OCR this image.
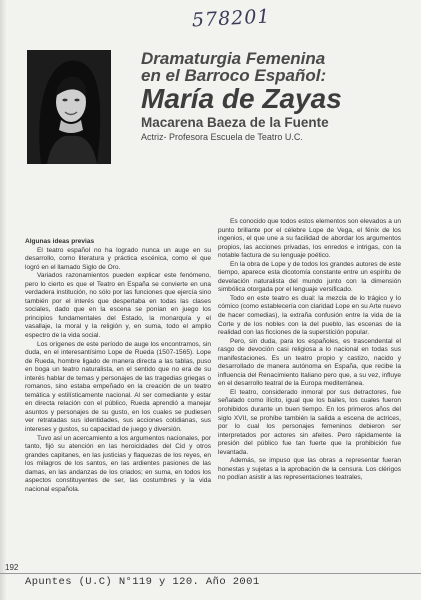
578201

Dramaturgia Femenina

en el Barroco Español:

María de Zayas

Macarena Baeza de la Fuente
Actriz- Profesora Escuela de Teatro U.C.

Algunas ideas previas

El teatro español no ha logrado nunca un auge en su desarrollo, como literatura y práctica escénica, como el que logró en el llamado Siglo de Oro.

Variados razonamientos pueden explicar este fenómeno, pero lo cierto es que el Teatro en España se convierte en una verdadera institución, no sólo por las funciones que ejercía sino también por el interés que despertaba en todas las clases sociales, dado que en la escena se ponían en juego los principios fundamentales del Estado, la monarquía y el vasallaje, la moral y la religión y, en suma, todo el amplio espectro de la vida social.

Los orígenes de este período de auge los encontramos, sin duda, en el interesantísimo Lope de Rueda (1507-1565). Lope de Rueda, hombre ligado de manera directa a las tablas, puso en boga un teatro naturalista, en el sentido que no era de su interés hablar de temas y personajes de las tragedias griegas o romanos, sino estaba empeñado en la creación de un teatro temática y estilísticamente nacional. Al ser comediante y estar en directa relación con el público, Rueda aprendió a manejar asuntos y personajes de su gusto, en los cuales se pudiesen ver retratadas sus identidades, sus acciones cotidianas, sus intereses y gustos, su capacidad de juego y diversión.

Tuvo así un acercamiento a los argumentos nacionales, por tanto, fijó su atención en las heroicidades del Cid y otros grandes capitanes, en las justicias y flaquezas de los reyes, en los milagros de los santos, en las ardientes pasiones de las damas, en las andanzas de los criados; en suma, en todos los aspectos constituyentes de ser, las costumbres y la vida nacional española.

Es conocido que todos estos elementos son elevados a un punto brillante por el célebre Lope de Vega, el fénix de los ingenios, el que une a su facilidad de abordar los argumentos propios, las acciones privadas, los enredos e intrigas, con la notable factura de su lenguaje poético.

En la obra de Lope y de todos los grandes autores de este tiempo, aparece esta dicotomía constante entre un espíritu de develación naturalista del mundo junto con la dimensión simbólica otorgada por el lenguaje versificado.

Todo en este teatro es dual: la mezcla de lo trágico y lo cómico (como establecería con claridad Lope en su Arte nuevo de hacer comedias), la extraña confusión entre la vida de la Corte y de los nobles con la del pueblo, las escenas de la realidad con las ficciones de la superstición popular.

Pero, sin duda, para los españoles, es trascendental el rasgo de devoción casi religiosa a lo nacional en todas sus manifestaciones. Es un teatro propio y castizo, nacido y desarrollado de manera autónoma en España, que recibe la influencia del Renacimiento Italiano pero que, a su vez, influye en el desarrollo teatral de la Europa mediterránea.

El teatro, considerado inmoral por sus detractores, fue señalado como ilícito, igual que los bailes, los cuales fueron prohibidos durante un buen tiempo. En los primeros años del siglo XVII, se prohíbe también la salida a escena de actrices, por lo cual los personajes femeninos debieron ser interpretados por actores sin afeites. Pero rápidamente la presión del público fue tan fuerte que la prohibición fue levantada.

Además, se impuso que las obras a representar fueran honestas y sujetas a la aprobación de la censura. Los clérigos no podían asistir a las representaciones teatrales,

192
Apuntes (U.C) N°119 y 120. Año 2001
